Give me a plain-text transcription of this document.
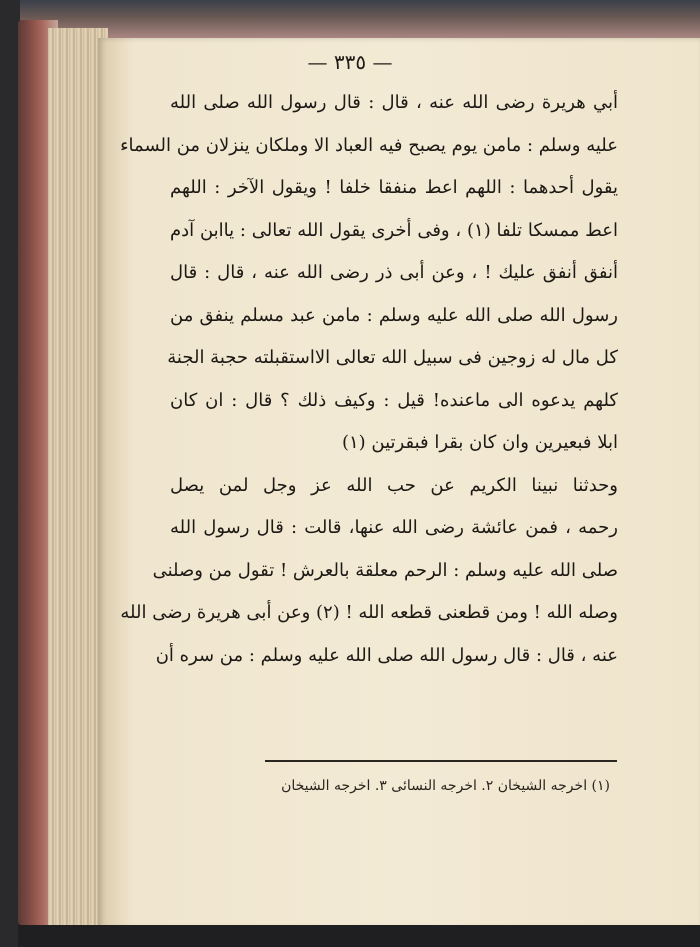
— ٣٣٥ —
أبي هريرة رضى الله عنه ، قال : قال رسول الله صلى الله
عليه وسلم : مامن يوم يصبح فيه العباد الا وملكان ينزلان من السماء
يقول أحدهما : اللهم اعط منفقا خلفا ! ويقول الآخر : اللهم
اعط ممسكا تلفا (١) ، وفى أخرى يقول الله تعالى : ياابن آدم
أنفق أنفق عليك ! ، وعن أبى ذر رضى الله عنه ، قال : قال
رسول الله صلى الله عليه وسلم : مامن عبد مسلم ينفق من
كل مال له زوجين فى سبيل الله تعالى الااستقبلته حجبة الجنة
كلهم يدعوه الى ماعنده! قيل : وكيف ذلك ؟ قال : ان كان
ابلا فبعيرين وان كان بقرا فبقرتين (١)
وحدثنا نبينا الكريم عن حب الله عز وجل لمن يصل
رحمه ، فمن عائشة رضى الله عنها، قالت : قال رسول الله
صلى الله عليه وسلم : الرحم معلقة بالعرش ! تقول من وصلنى
وصله الله ! ومن قطعنى قطعه الله ! (٢) وعن أبى هريرة رضى الله
عنه ، قال : قال رسول الله صلى الله عليه وسلم : من سره أن
(١) اخرجه الشيخان ٢. اخرجه النسائى ٣. اخرجه الشيخان
